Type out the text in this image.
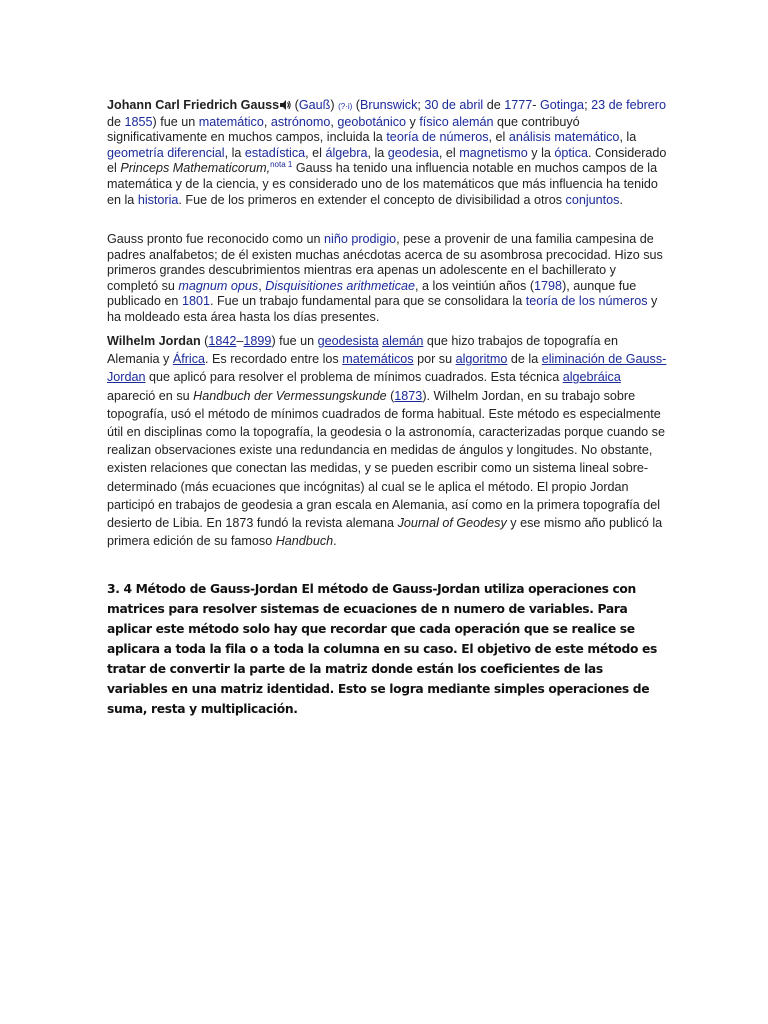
Johann Carl Friedrich Gauss (Gauß) (?·i) (Brunswick; 30 de abril de 1777- Gotinga; 23 de febrero de 1855) fue un matemático, astrónomo, geobotánico y físico alemán que contribuyó significativamente en muchos campos, incluida la teoría de números, el análisis matemático, la geometría diferencial, la estadística, el álgebra, la geodesia, el magnetismo y la óptica. Considerado el Princeps Mathematicorum,$^{nota 1}$ Gauss ha tenido una influencia notable en muchos campos de la matemática y de la ciencia, y es considerado uno de los matemáticos que más influencia ha tenido en la historia. Fue de los primeros en extender el concepto de divisibilidad a otros conjuntos.

Gauss pronto fue reconocido como un niño prodigio, pese a provenir de una familia campesina de padres analfabetos; de él existen muchas anécdotas acerca de su asombrosa precocidad. Hizo sus primeros grandes descubrimientos mientras era apenas un adolescente en el bachillerato y completó su magnum opus, Disquisitiones arithmeticae, a los veintiún años (1798), aunque fue publicado en 1801. Fue un trabajo fundamental para que se consolidara la teoría de los números y ha moldeado esta área hasta los días presentes.

Wilhelm Jordan (1842–1899) fue un geodesista alemán que hizo trabajos de topografía en Alemania y África. Es recordado entre los matemáticos por su algoritmo de la eliminación de Gauss-Jordan que aplicó para resolver el problema de mínimos cuadrados. Esta técnica algebráica apareció en su Handbuch der Vermessungskunde (1873). Wilhelm Jordan, en su trabajo sobre topografía, usó el método de mínimos cuadrados de forma habitual. Este método es especialmente útil en disciplinas como la topografía, la geodesia o la astronomía, caracterizadas porque cuando se realizan observaciones existe una redundancia en medidas de ángulos y longitudes. No obstante, existen relaciones que conectan las medidas, y se pueden escribir como un sistema lineal sobre-determinado (más ecuaciones que incógnitas) al cual se le aplica el método. El propio Jordan participó en trabajos de geodesia a gran escala en Alemania, así como en la primera topografía del desierto de Libia. En 1873 fundó la revista alemana Journal of Geodesy y ese mismo año publicó la primera edición de su famoso Handbuch.

3. 4 Método de Gauss-Jordan El método de Gauss-Jordan utiliza operaciones con matrices para resolver sistemas de ecuaciones de n numero de variables. Para aplicar este método solo hay que recordar que cada operación que se realice se aplicara a toda la fila o a toda la columna en su caso. El objetivo de este método es tratar de convertir la parte de la matriz donde están los coeficientes de las variables en una matriz identidad. Esto se logra mediante simples operaciones de suma, resta y multiplicación.
